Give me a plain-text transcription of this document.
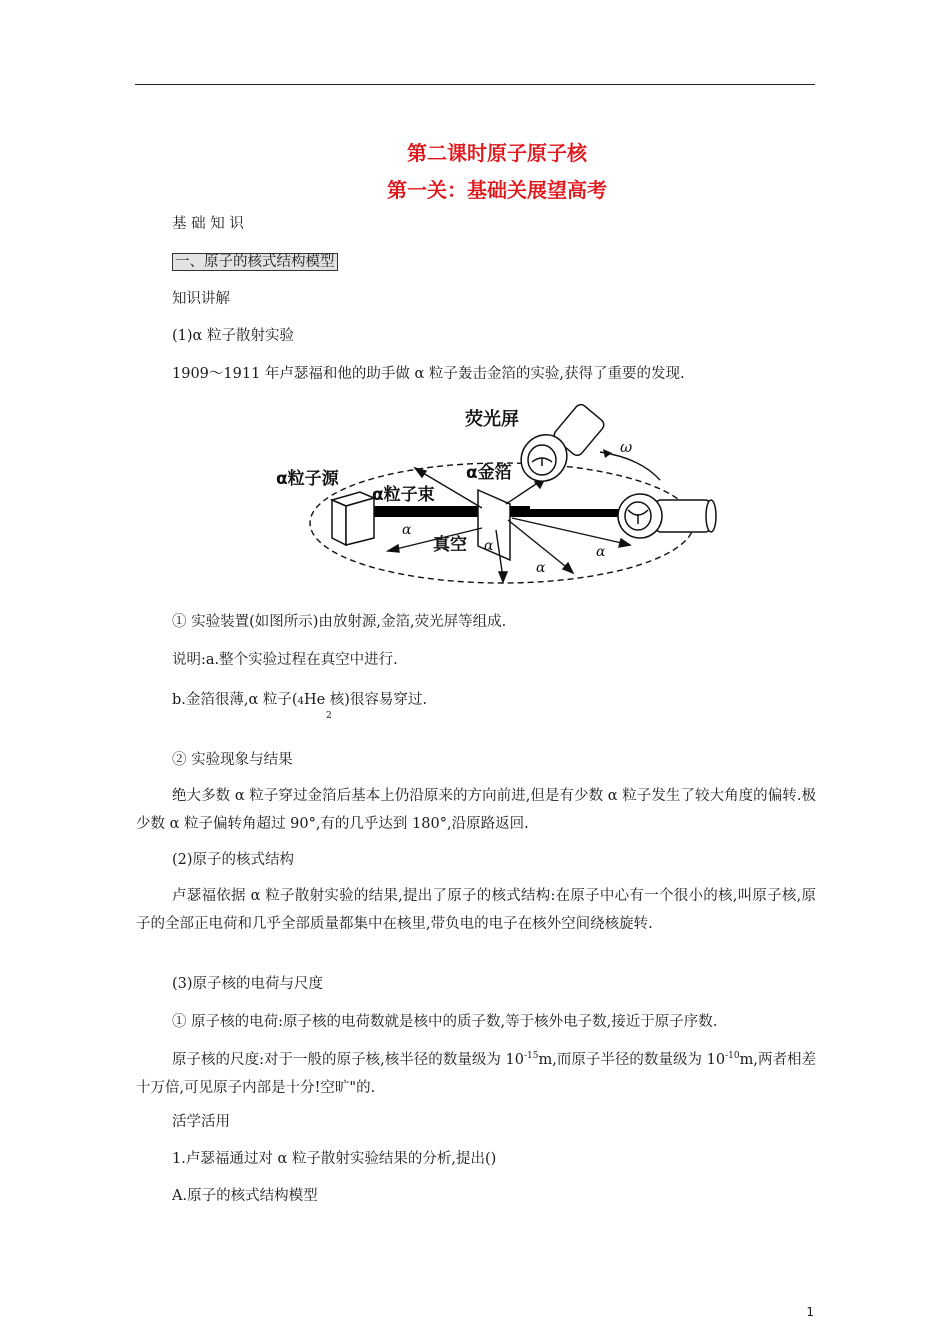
第二课时原子原子核
第一关：基础关展望高考
基 础 知 识
一、原子的核式结构模型
知识讲解
(1)α 粒子散射实验
1909～1911 年卢瑟福和他的助手做 α 粒子轰击金箔的实验,获得了重要的发现.
荧光屏
ω
α粒子源	α金箔
α粒子束
真空
α
α
α
α
① 实验装置(如图所示)由放射源,金箔,荧光屏等组成.
说明:a.整个实验过程在真空中进行.
b.金箔很薄,α 粒子(4He 核)很容易穿过.
2
② 实验现象与结果
绝大多数 α 粒子穿过金箔后基本上仍沿原来的方向前进,但是有少数 α 粒子发生了较大角度的偏转.极少数 α 粒子偏转角超过 90°,有的几乎达到 180°,沿原路返回.
(2)原子的核式结构
卢瑟福依据 α 粒子散射实验的结果,提出了原子的核式结构:在原子中心有一个很小的核,叫原子核,原子的全部正电荷和几乎全部质量都集中在核里,带负电的电子在核外空间绕核旋转.
(3)原子核的电荷与尺度
① 原子核的电荷:原子核的电荷数就是核中的质子数,等于核外电子数,接近于原子序数.
原子核的尺度:对于一般的原子核,核半径的数量级为 $10^{-15}m$,而原子半径的数量级为 $10^{-10}m$,两者相差十万倍,可见原子内部是十分!空旷"的.
活学活用
1.卢瑟福通过对 α 粒子散射实验结果的分析,提出()
A.原子的核式结构模型
1
